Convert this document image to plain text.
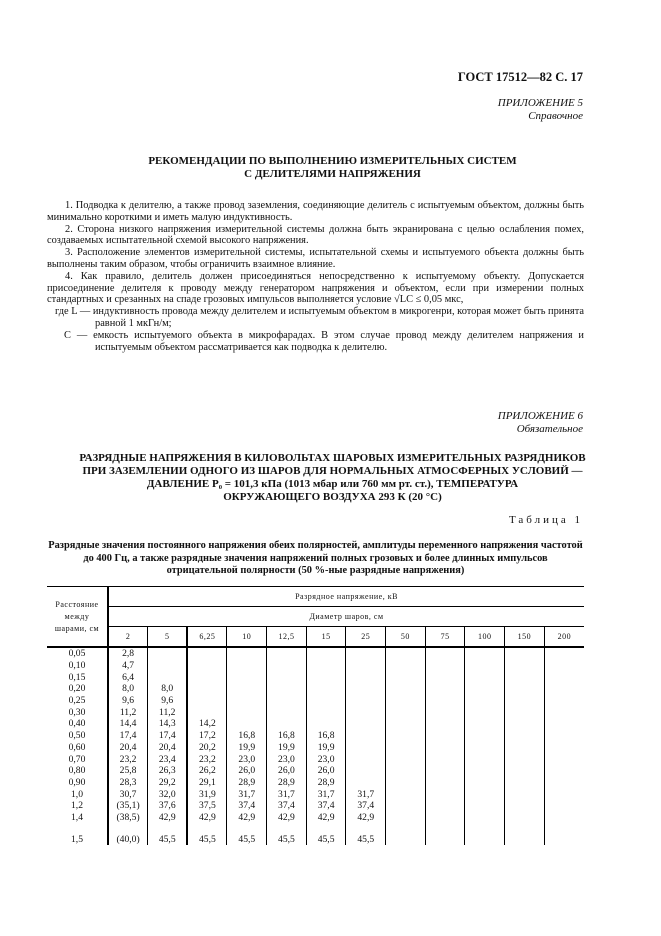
ГОСТ 17512—82 С. 17
ПРИЛОЖЕНИЕ 5
Справочное
РЕКОМЕНДАЦИИ ПО ВЫПОЛНЕНИЮ ИЗМЕРИТЕЛЬНЫХ СИСТЕМ
С ДЕЛИТЕЛЯМИ НАПРЯЖЕНИЯ

1. Подводка к делителю, а также провод заземления, соединяющие делитель с испытуемым объектом, должны быть минимально короткими и иметь малую индуктивность.

2. Сторона низкого напряжения измерительной системы должна быть экранирована с целью ослабления помех, создаваемых испытательной схемой высокого напряжения.

3. Расположение элементов измерительной системы, испытательной схемы и испытуемого объекта должны быть выполнены таким образом, чтобы ограничить взаимное влияние.

4. Как правило, делитель должен присоединяться непосредственно к испытуемому объекту. Допускается присоединение делителя к проводу между генератором напряжения и объектом, если при измерении полных стандартных и срезанных на спаде грозовых импульсов выполняется условие √LC ≤ 0,05 мкс,

где L — индуктивность провода между делителем и испытуемым объектом в микрогенри, которая может быть принята равной 1 мкГн/м;

C — емкость испытуемого объекта в микрофарадах. В этом случае провод между делителем напряжения и испытуемым объектом рассматривается как подводка к делителю.

ПРИЛОЖЕНИЕ 6
Обязательное
РАЗРЯДНЫЕ НАПРЯЖЕНИЯ В КИЛОВОЛЬТАХ ШАРОВЫХ ИЗМЕРИТЕЛЬНЫХ РАЗРЯДНИКОВ
ПРИ ЗАЗЕМЛЕНИИ ОДНОГО ИЗ ШАРОВ ДЛЯ НОРМАЛЬНЫХ АТМОСФЕРНЫХ УСЛОВИЙ —
ДАВЛЕНИЕ P₀ = 101,3 кПа (1013 мбар или 760 мм рт. ст.), ТЕМПЕРАТУРА
ОКРУЖАЮЩЕГО ВОЗДУХА 293 К (20 °С)
Таблица 1
Разрядные значения постоянного напряжения обеих полярностей, амплитуды переменного напряжения частотой до 400 Гц, а также разрядные значения напряжений полных грозовых и более длинных импульсов отрицательной полярности (50 %-ные разрядные напряжения)
Расстояние между шарами, см	Разрядное напряжение, кВ											
	Диаметр шаров, см											
	2	5	6,25	10	12,5	15	25	50	75	100	150	200
0,05	2,8											
0,10	4,7											
0,15	6,4											
0,20	8,0	8,0										
0,25	9,6	9,6										
0,30	11,2	11,2										
0,40	14,4	14,3	14,2									
0,50	17,4	17,4	17,2	16,8	16,8	16,8						
0,60	20,4	20,4	20,2	19,9	19,9	19,9						
0,70	23,2	23,4	23,2	23,0	23,0	23,0						
0,80	25,8	26,3	26,2	26,0	26,0	26,0						
0,90	28,3	29,2	29,1	28,9	28,9	28,9						
1,0	30,7	32,0	31,9	31,7	31,7	31,7	31,7					
1,2	(35,1)	37,6	37,5	37,4	37,4	37,4	37,4					
1,4	(38,5)	42,9	42,9	42,9	42,9	42,9	42,9					
1,5	(40,0)	45,5	45,5	45,5	45,5	45,5	45,5					
